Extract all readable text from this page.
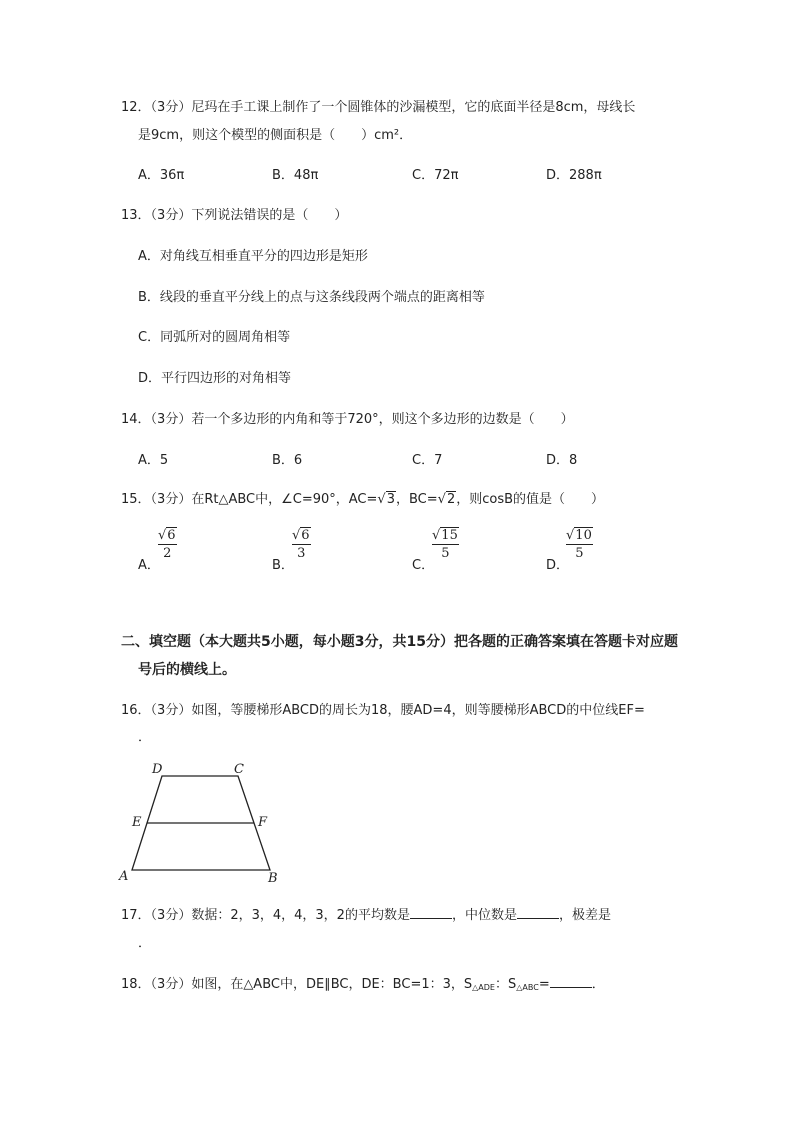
12．（3分）尼玛在手工课上制作了一个圆锥体的沙漏模型，它的底面半径是8cm，母线长
是9cm，则这个模型的侧面积是（　　）cm²．
A．36π	B．48π	C．72π	D．288π
13．（3分）下列说法错误的是（　　）
A．对角线互相垂直平分的四边形是矩形
B．线段的垂直平分线上的点与这条线段两个端点的距离相等
C．同弧所对的圆周角相等
D．平行四边形的对角相等
14．（3分）若一个多边形的内角和等于720°，则这个多边形的边数是（　　）
A．5	B．6	C．7	D．8
15．（3分）在Rt△ABC中，∠C=90°，AC=√3，BC=√2，则cosB的值是（　　）
A．
√6
2
B．
√6
3
C．
√15
5
D．
√10
5
二、填空题（本大题共5小题，每小题3分，共15分）把各题的正确答案填在答题卡对应题
号后的横线上。
16．（3分）如图，等腰梯形ABCD的周长为18，腰AD=4，则等腰梯形ABCD的中位线EF=
．
D	C
E	F
A	B
17．（3分）数据：2，3，4，4，3，2的平均数是	，中位数是	，极差是
．
18．（3分）如图，在△ABC中，DE∥BC，DE：BC=1：3，$S_{\triangle ADE}$：$S_{\triangle ABC}=$	．
